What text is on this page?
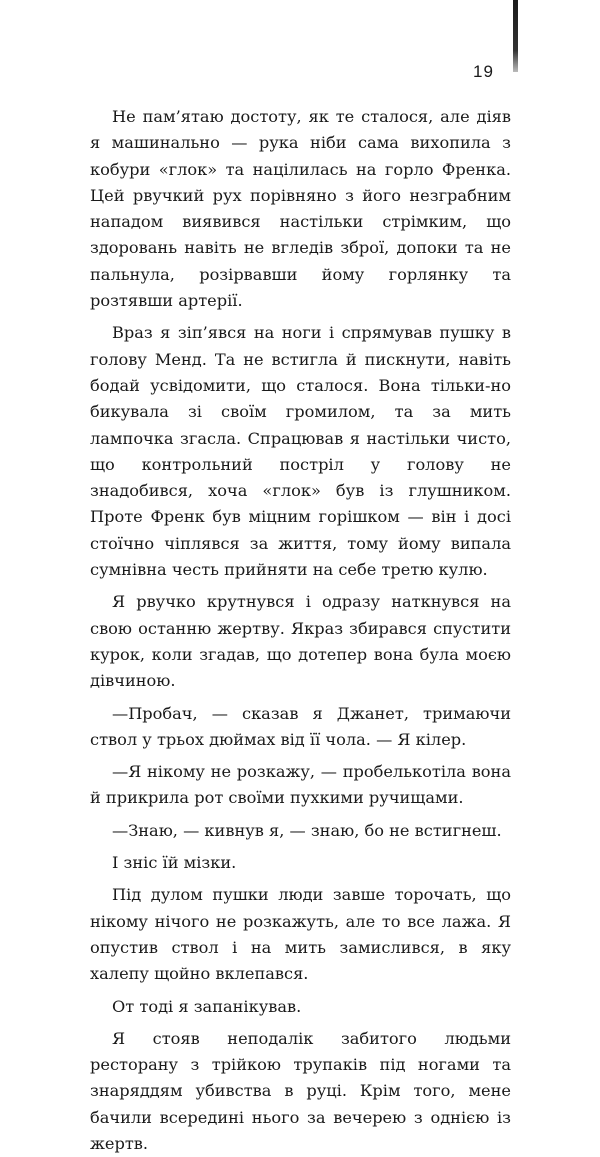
19

Не пам’ятаю достоту, як те сталося, але діяв я машинально — рука ніби сама вихопила з кобури «глок» та націлилась на горло Френка. Цей рвучкий рух порівняно з його незграбним нападом виявився настільки стрімким, що здоровань навіть не вгледів зброї, допоки та не пальнула, розірвавши йому горлянку та розтявши артерії.

Враз я зіп’явся на ноги і спрямував пушку в голову Менд. Та не встигла й пискнути, навіть бодай усвідомити, що сталося. Вона тільки-но бикувала зі своїм громилом, та за мить лампочка згасла. Спрацював я настільки чисто, що контрольний постріл у голову не знадобився, хоча «глок» був із глушником. Проте Френк був міцним горішком — він і досі стоїчно чіплявся за життя, тому йому випала сумнівна честь прийняти на себе третю кулю.

Я рвучко крутнувся і одразу наткнувся на свою останню жертву. Якраз збирався спустити курок, коли згадав, що дотепер вона була моєю дівчиною.

—Пробач, — сказав я Джанет, тримаючи ствол у трьох дюймах від її чола. — Я кілер.

—Я нікому не розкажу, — пробелькотіла вона й прикрила рот своїми пухкими ручищами.

—Знаю, — кивнув я, — знаю, бо не встигнеш.

І зніс їй мізки.

Під дулом пушки люди завше торочать, що нікому нічого не розкажуть, але то все лажа. Я опустив ствол і на мить замислився, в яку халепу щойно вклепався.

От тоді я запанікував.

Я стояв неподалік забитого людьми ресторану з трійкою трупаків під ногами та знаряддям убивства в руці. Крім того, мене бачили всередині нього за вечерею з однією із жертв.
